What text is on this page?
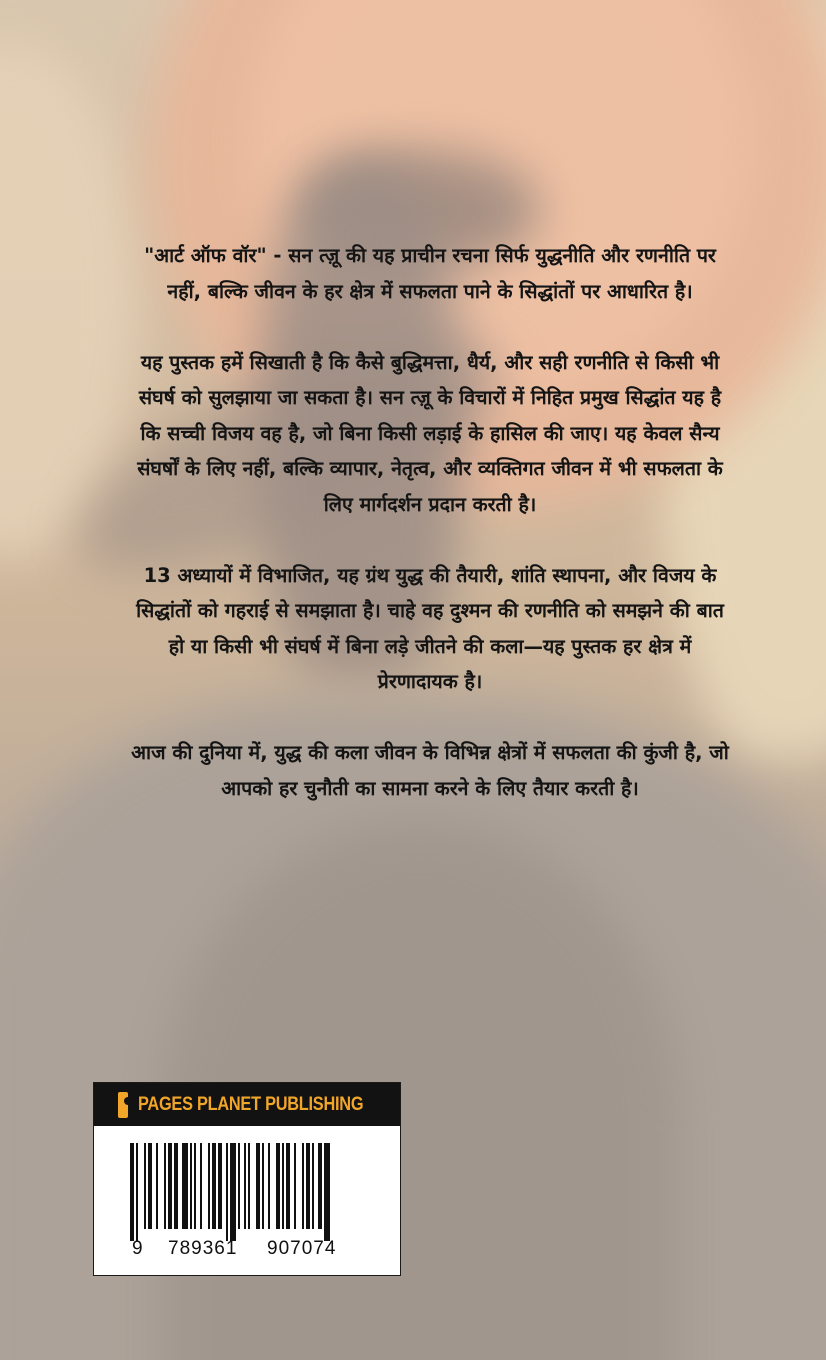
"आर्ट ऑफ वॉर" - सन त्ज़ू की यह प्राचीन रचना सिर्फ युद्धनीति और रणनीति पर नहीं, बल्कि जीवन के हर क्षेत्र में सफलता पाने के सिद्धांतों पर आधारित है।

यह पुस्तक हमें सिखाती है कि कैसे बुद्धिमत्ता, धैर्य, और सही रणनीति से किसी भी संघर्ष को सुलझाया जा सकता है। सन त्ज़ू के विचारों में निहित प्रमुख सिद्धांत यह है कि सच्ची विजय वह है, जो बिना किसी लड़ाई के हासिल की जाए। यह केवल सैन्य संघर्षों के लिए नहीं, बल्कि व्यापार, नेतृत्व, और व्यक्तिगत जीवन में भी सफलता के लिए मार्गदर्शन प्रदान करती है।

13 अध्यायों में विभाजित, यह ग्रंथ युद्ध की तैयारी, शांति स्थापना, और विजय के सिद्धांतों को गहराई से समझाता है। चाहे वह दुश्मन की रणनीति को समझने की बात हो या किसी भी संघर्ष में बिना लड़े जीतने की कला—यह पुस्तक हर क्षेत्र में प्रेरणादायक है।

आज की दुनिया में, युद्ध की कला जीवन के विभिन्न क्षेत्रों में सफलता की कुंजी है, जो आपको हर चुनौती का सामना करने के लिए तैयार करती है।

PAGES PLANET PUBLISHING
9 789361 907074
